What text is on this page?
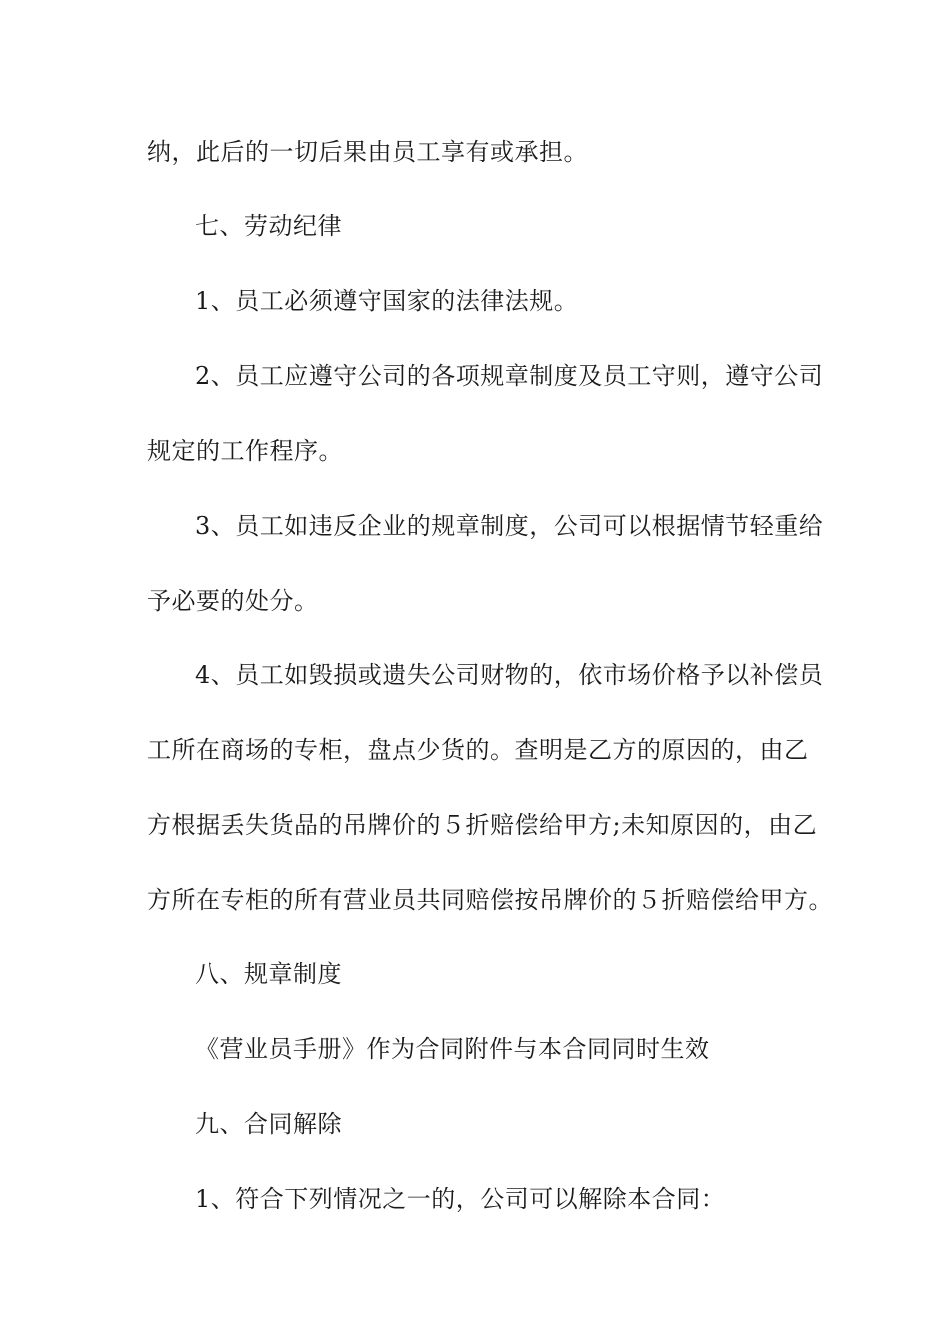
纳，此后的一切后果由员工享有或承担。
七、劳动纪律
1、员工必须遵守国家的法律法规。
2、员工应遵守公司的各项规章制度及员工守则，遵守公司
规定的工作程序。
3、员工如违反企业的规章制度，公司可以根据情节轻重给
予必要的处分。
4、员工如毁损或遗失公司财物的，依市场价格予以补偿员
工所在商场的专柜，盘点少货的。查明是乙方的原因的，由乙
方根据丢失货品的吊牌价的５折赔偿给甲方;未知原因的，由乙
方所在专柜的所有营业员共同赔偿按吊牌价的５折赔偿给甲方。
八、规章制度
《营业员手册》作为合同附件与本合同同时生效
九、合同解除
1、符合下列情况之一的，公司可以解除本合同：
